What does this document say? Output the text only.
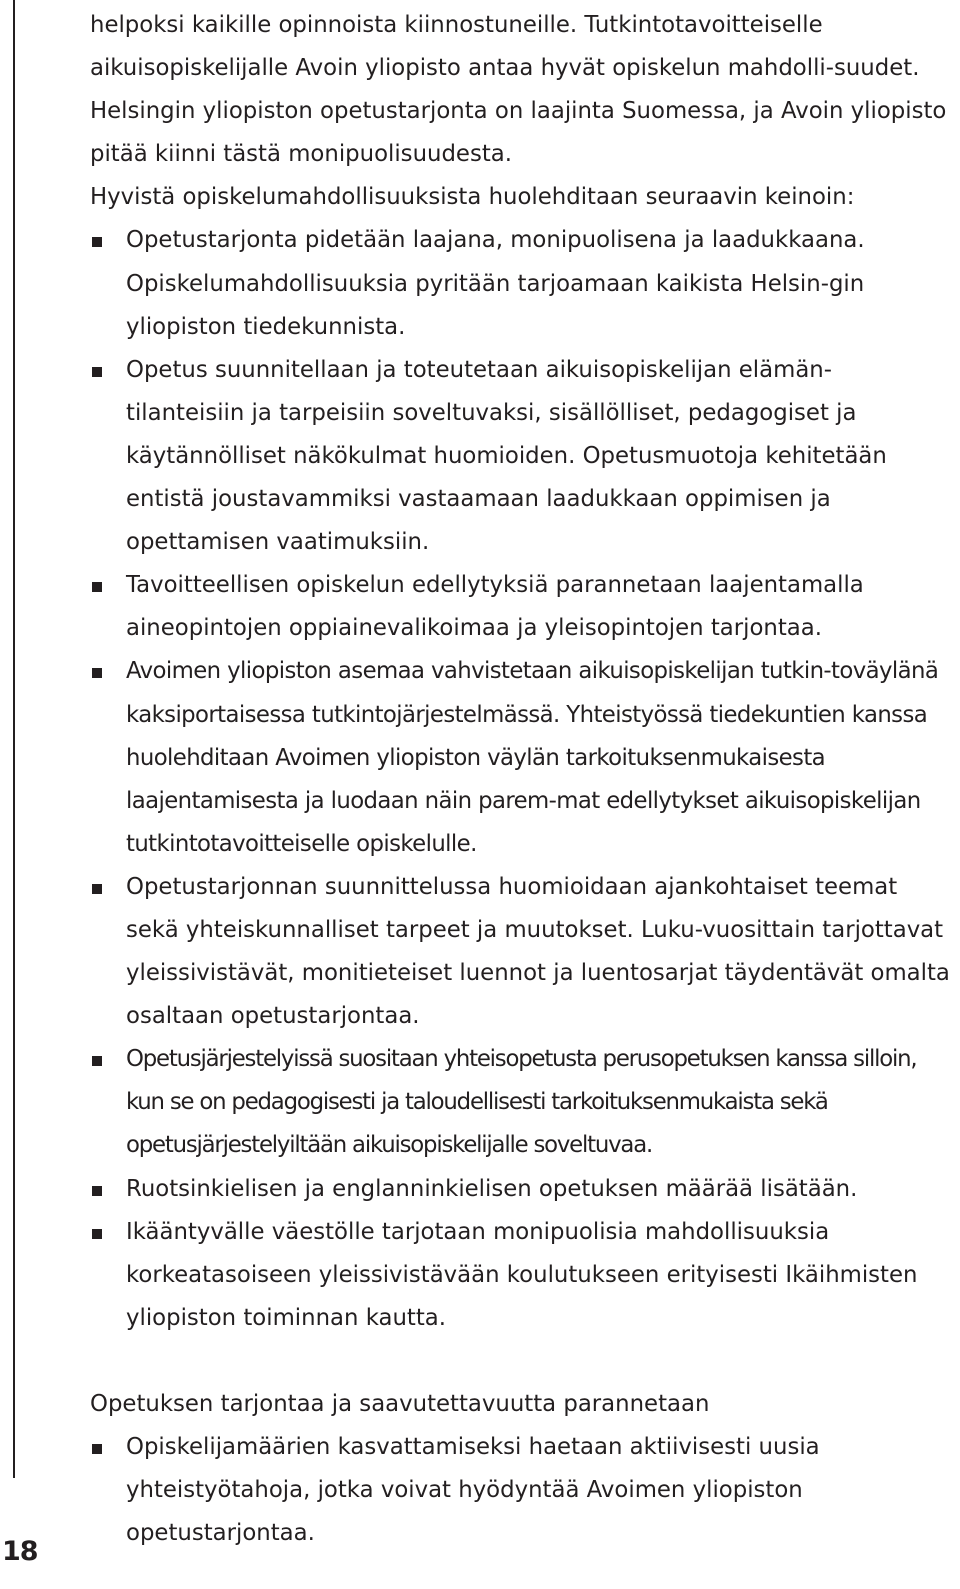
helpoksi kaikille opinnoista kiinnostuneille. Tutkintotavoitteiselle aikuisopiskelijalle Avoin yliopisto antaa hyvät opiskelun mahdolli-suudet. Helsingin yliopiston opetustarjonta on laajinta Suomessa, ja Avoin yliopisto pitää kiinni tästä monipuolisuudesta.

Hyvistä opiskelumahdollisuuksista huolehditaan seuraavin keinoin:

Opetustarjonta pidetään laajana, monipuolisena ja laadukkaana. Opiskelumahdollisuuksia pyritään tarjoamaan kaikista Helsin-gin yliopiston tiedekunnista.
Opetus suunnitellaan ja toteutetaan aikuisopiskelijan elämän-tilanteisiin ja tarpeisiin soveltuvaksi, sisällölliset, pedagogiset ja käytännölliset näkökulmat huomioiden. Opetusmuotoja kehitetään entistä joustavammiksi vastaamaan laadukkaan oppimisen ja opettamisen vaatimuksiin.
Tavoitteellisen opiskelun edellytyksiä parannetaan laajentamalla aineopintojen oppiainevalikoimaa ja yleisopintojen tarjontaa.
Avoimen yliopiston asemaa vahvistetaan aikuisopiskelijan tutkin-toväylänä kaksiportaisessa tutkintojärjestelmässä. Yhteistyössä tiedekuntien kanssa huolehditaan Avoimen yliopiston väylän tarkoituksenmukaisesta laajentamisesta ja luodaan näin parem-mat edellytykset aikuisopiskelijan tutkintotavoitteiselle opiskelulle.
Opetustarjonnan suunnittelussa huomioidaan ajankohtaiset teemat sekä yhteiskunnalliset tarpeet ja muutokset. Luku-vuosittain tarjottavat yleissivistävät, monitieteiset luennot ja luentosarjat täydentävät omalta osaltaan opetustarjontaa.
Opetusjärjestelyissä suositaan yhteisopetusta perusopetuksen kanssa silloin, kun se on pedagogisesti ja taloudellisesti tarkoituksenmukaista sekä opetusjärjestelyiltään aikuisopiskelijalle soveltuvaa.
Ruotsinkielisen ja englanninkielisen opetuksen määrää lisätään.
Ikääntyvälle väestölle tarjotaan monipuolisia mahdollisuuksia korkeatasoiseen yleissivistävään koulutukseen erityisesti Ikäihmisten yliopiston toiminnan kautta.

Opetuksen tarjontaa ja saavutettavuutta parannetaan

Opiskelijamäärien kasvattamiseksi haetaan aktiivisesti uusia yhteistyötahoja, jotka voivat hyödyntää Avoimen yliopiston opetustarjontaa.
18
